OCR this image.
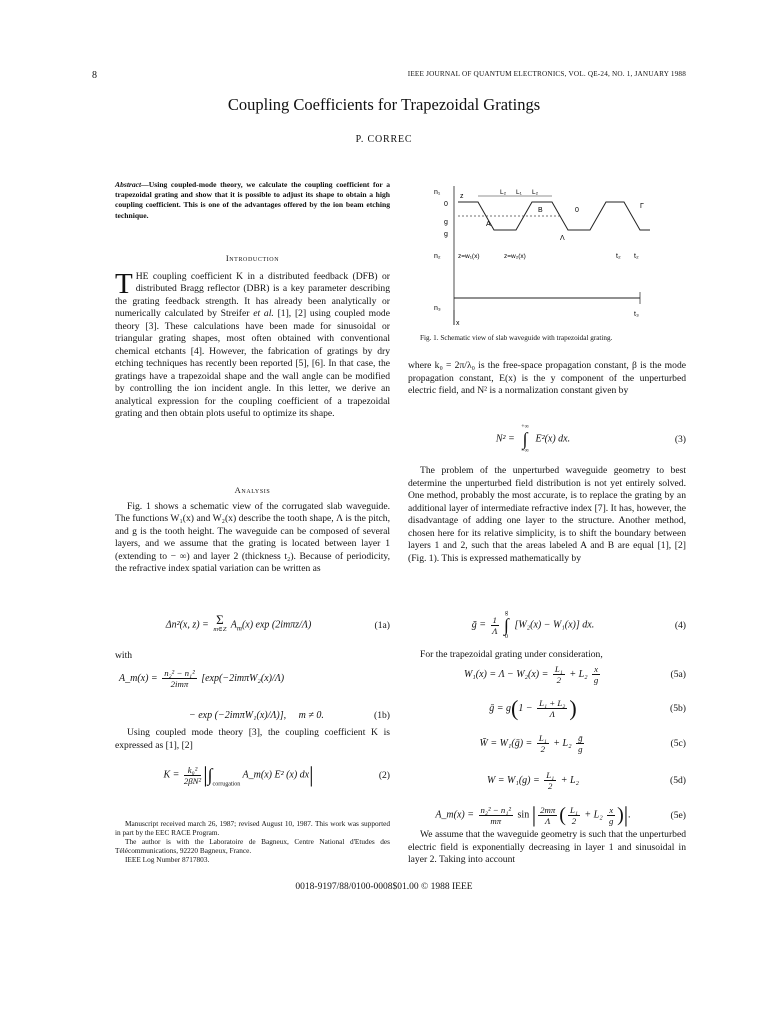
8	IEEE JOURNAL OF QUANTUM ELECTRONICS, VOL. QE-24, NO. 1, JANUARY 1988
Coupling Coefficients for Trapezoidal Gratings
P. CORREC
Abstract—Using coupled-mode theory, we calculate the coupling coefficient for a trapezoidal grating and show that it is possible to adjust its shape to obtain a high coupling coefficient. This is one of the advantages offered by the ion beam etching technique.

Introduction

THE coupling coefficient K in a distributed feedback (DFB) or distributed Bragg reflector (DBR) is a key parameter describing the grating feedback strength. It has already been analytically or numerically calculated by Streifer et al. [1], [2] using coupled mode theory [3]. These calculations have been made for sinusoidal or triangular grating shapes, most often obtained with conventional chemical etchants [4]. However, the fabrication of gratings by dry etching techniques has recently been reported [5], [6]. In that case, the gratings have a trapezoidal shape and the wall angle can be modified by controlling the ion incident angle. In this letter, we derive an analytical expression for the coupling coefficient of a trapezoidal grating and then obtain plots useful to optimize its shape.

Analysis

Fig. 1 shows a schematic view of the corrugated slab waveguide. The functions W₁(x) and W₂(x) describe the tooth shape, Λ is the pitch, and g is the tooth height. The waveguide can be composed of several layers, and we assume that the grating is located between layer 1 (extending to − ∞) and layer 2 (thickness t₂). Because of periodicity, the refractive index spatial variation can be written as

Δn²(x, z) = Σ
m∈Z $A_m(x)$ exp (2imπz/Λ)	(1a)
with
A_m(x) = $\frac{\text{n₂² − n₁²}}{\text{2imπ}} [\exp(-2im\pi W_2(x)/\Lambda)$
− exp (−2imπW₁(x)/Λ)], m ≠ 0.	(1b)

Using coupled mode theory [3], the coupling coefficient K is expressed as [1], [2]

$K = \frac{\text{k₀²}}{\text{2βN²}} |\int_{corrugation}$ A_m(x) E² (x) dx|	(2)
Manuscript received march 26, 1987; revised August 10, 1987. This work was supported in part by the EEC RACE Program.
The author is with the Laboratoire de Bagneux, Centre National d'Etudes des Télécommunications, 92220 Bagneux, France.
IEEE Log Number 8717803.
n₁
0
g
g
z
L₂ L₁ L₂
A
B	0
Λ
Γ
n₂	z=w₁(x)	z=w₂(x)	t₂ t₂
n₃
t₃
x
Fig. 1. Schematic view of slab waveguide with trapezoidal grating.
where k₀ = 2π/λ₀ is the free-space propagation constant, β is the mode propagation constant, E(x) is the y component of the unperturbed electric field, and N² is a normalization constant given by
N² =
+∞
∫
−∞
E²(x) dx.	(3)

The problem of the unperturbed waveguide geometry to best determine the unperturbed field distribution is not yet entirely solved. One method, probably the most accurate, is to replace the grating by an additional layer of intermediate refractive index [7]. It has, however, the disadvantage of adding one layer to the structure. Another method, chosen here for its relative simplicity, is to shift the boundary between layers 1 and 2, such that the areas labeled A and B are equal [1], [2] (Fig. 1). This is expressed mathematically by

ḡ = $\frac{1}{\Lambda}$
g
∫
0
[W₂(x) − W₁(x)] dx.	(4)

For the trapezoidal grating under consideration,

$W_1(x) = \Lambda - W_2(x) = \frac{\text{L₁}}{2} + L_2 \frac{x}{g}$	(5a)
ḡ = $g(1 - \frac{\text{L₁ + L₂}}{\Lambda}$ )	(5b)
W̄ = W₁(ḡ) = $\frac{\text{L₁}}{2} + L_2 \frac{\text{ḡ}}{g}$	(5c)
$W = W_1(g) = \frac{\text{L₁}}{2} + L_2$	(5d)
A_m(x) = $\frac{\text{n₂² − n₁²}}{m\pi}$ sin | $\frac{2m\pi}{\Lambda}$ ( $\frac{\text{L₁}}{2} + L_2 \frac{x}{g}$ )|.	(5e)

We assume that the waveguide geometry is such that the unperturbed electric field is exponentially decreasing in layer 1 and sinusoidal in layer 2. Taking into account

0018-9197/88/0100-0008$01.00 © 1988 IEEE
